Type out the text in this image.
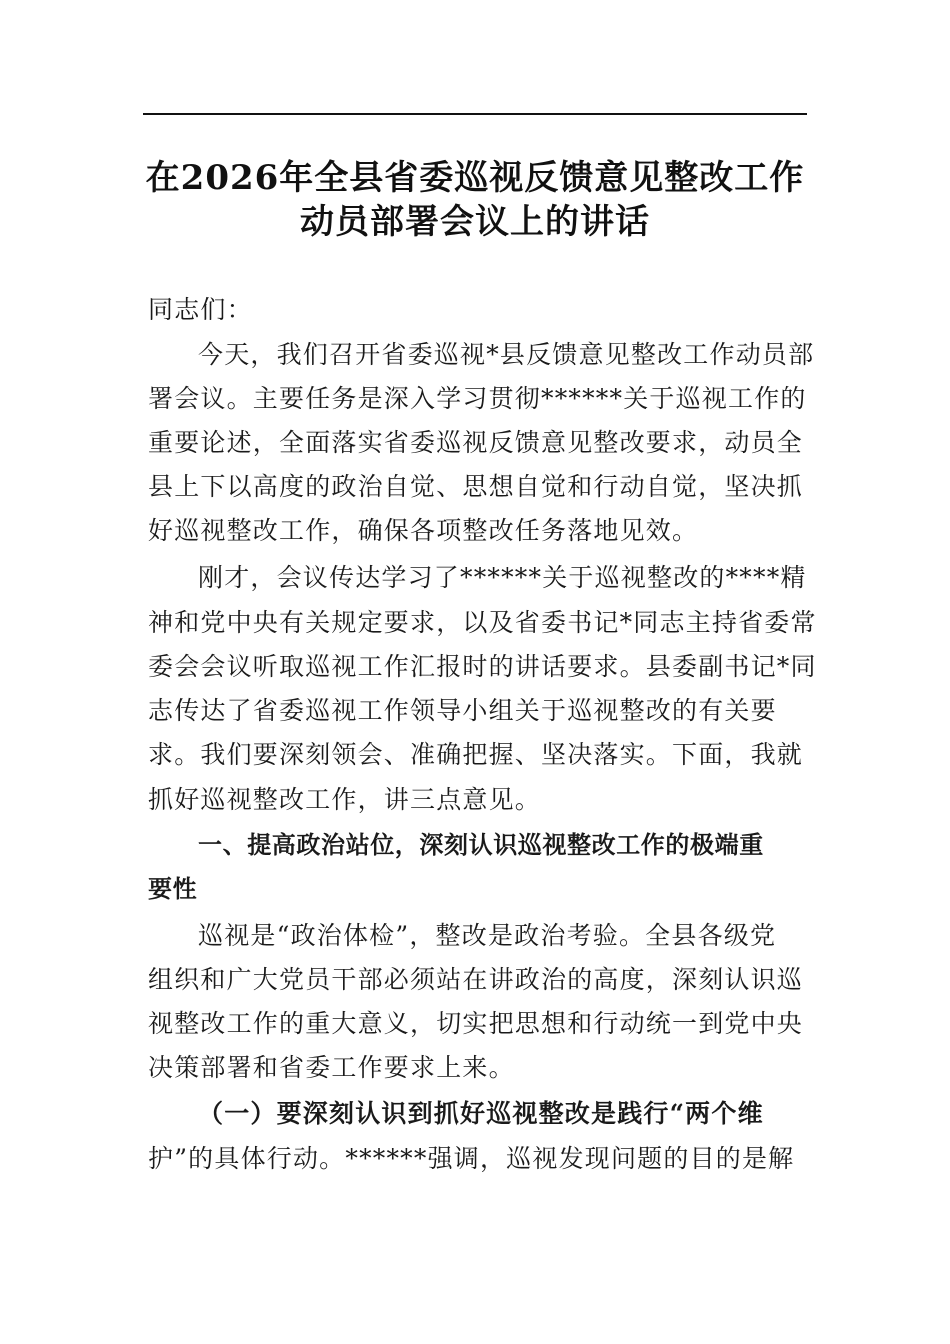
在2026年全县省委巡视反馈意见整改工作
动员部署会议上的讲话
同志们：
今天，我们召开省委巡视*县反馈意见整改工作动员部
署会议。主要任务是深入学习贯彻******关于巡视工作的
重要论述，全面落实省委巡视反馈意见整改要求，动员全
县上下以高度的政治自觉、思想自觉和行动自觉，坚决抓
好巡视整改工作，确保各项整改任务落地见效。
刚才，会议传达学习了******关于巡视整改的****精
神和党中央有关规定要求，以及省委书记*同志主持省委常
委会会议听取巡视工作汇报时的讲话要求。县委副书记*同
志传达了省委巡视工作领导小组关于巡视整改的有关要
求。我们要深刻领会、准确把握、坚决落实。下面，我就
抓好巡视整改工作，讲三点意见。
一、提高政治站位，深刻认识巡视整改工作的极端重
要性
巡视是“政治体检”，整改是政治考验。全县各级党
组织和广大党员干部必须站在讲政治的高度，深刻认识巡
视整改工作的重大意义，切实把思想和行动统一到党中央
决策部署和省委工作要求上来。
（一）要深刻认识到抓好巡视整改是践行“两个维
护”的具体行动。******强调，巡视发现问题的目的是解
